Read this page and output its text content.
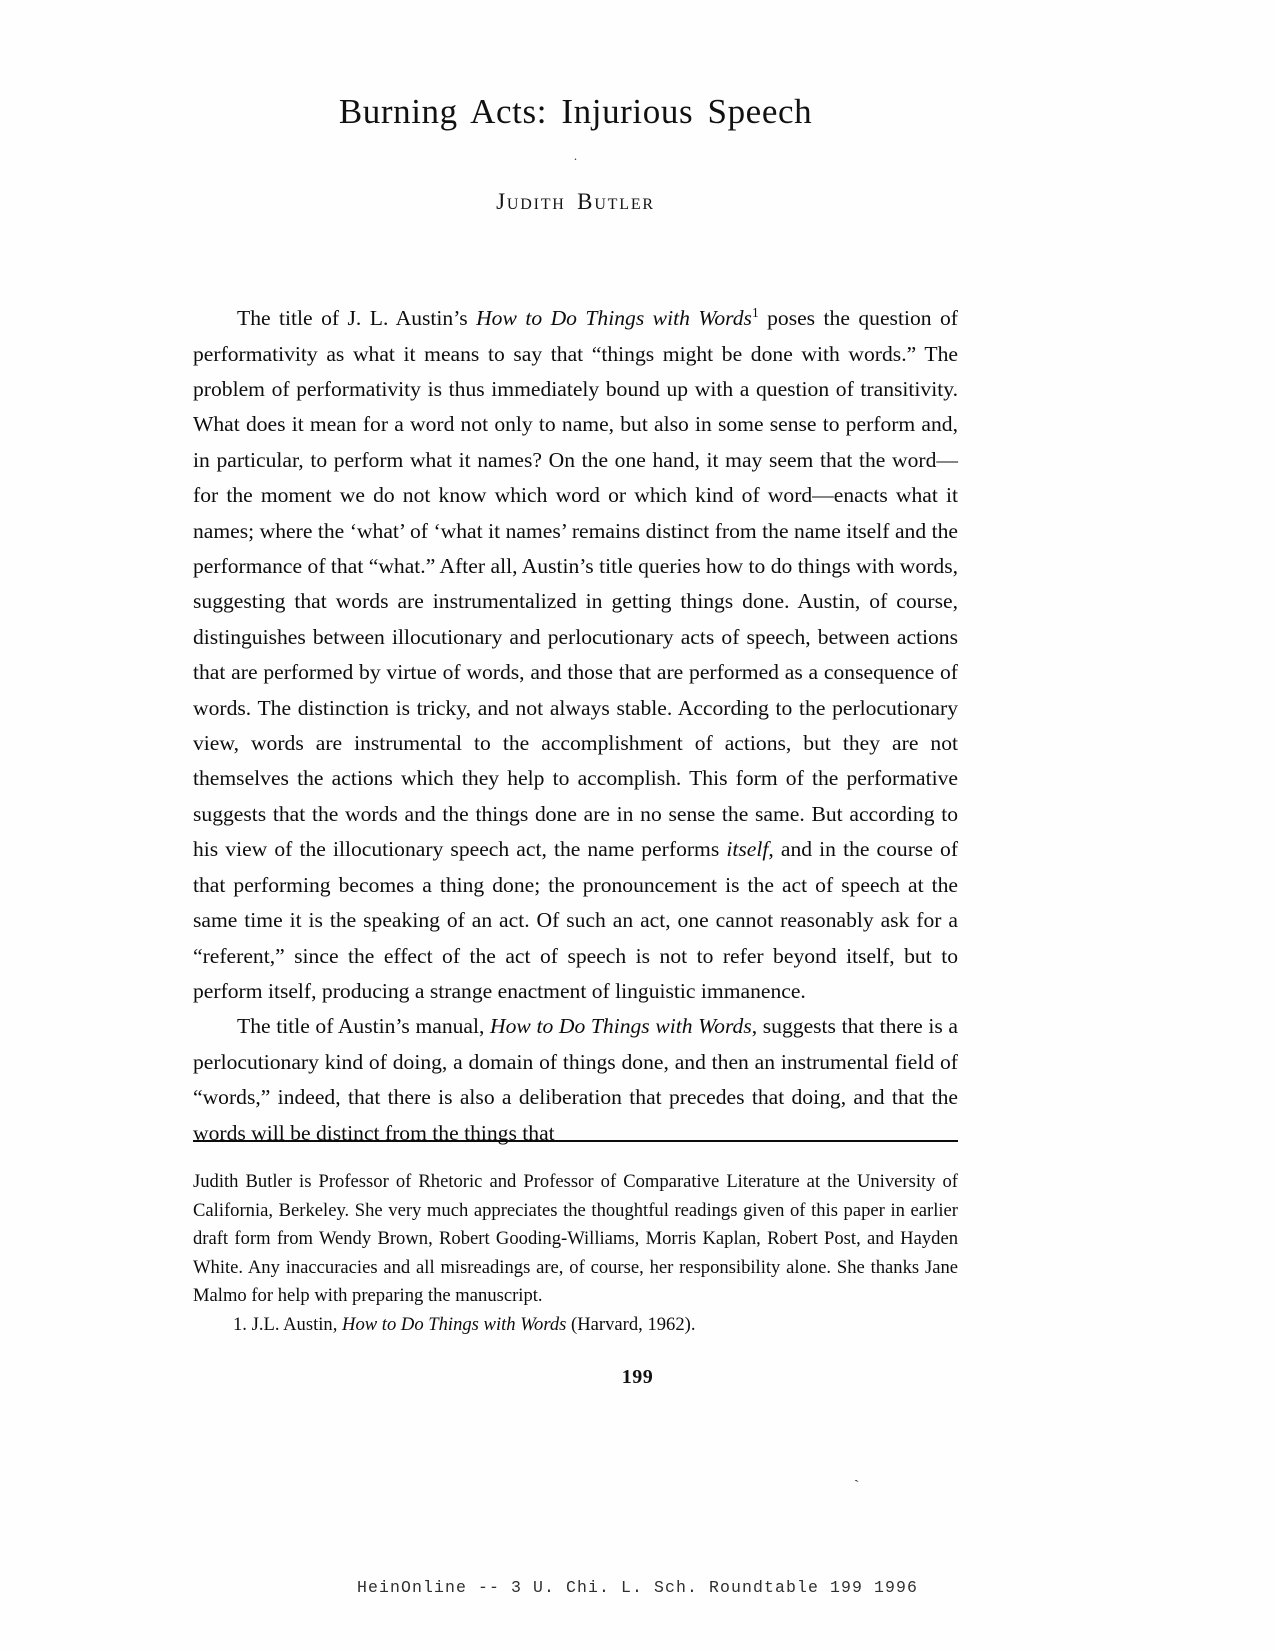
Burning Acts: Injurious Speech
.

Judith Butler

The title of J. L. Austin’s How to Do Things with Words$^1$ poses the question of performativity as what it means to say that “things might be done with words.” The problem of performativity is thus immediately bound up with a question of transitivity. What does it mean for a word not only to name, but also in some sense to perform and, in particular, to perform what it names? On the one hand, it may seem that the word—for the moment we do not know which word or which kind of word—enacts what it names; where the ‘what’ of ‘what it names’ remains distinct from the name itself and the performance of that “what.” After all, Austin’s title queries how to do things with words, suggesting that words are instrumentalized in getting things done. Austin, of course, distinguishes between illocutionary and perlocutionary acts of speech, between actions that are performed by virtue of words, and those that are performed as a consequence of words. The distinction is tricky, and not always stable. According to the perlocutionary view, words are instrumental to the accomplishment of actions, but they are not themselves the actions which they help to accomplish. This form of the performative suggests that the words and the things done are in no sense the same. But according to his view of the illocutionary speech act, the name performs itself, and in the course of that performing becomes a thing done; the pronouncement is the act of speech at the same time it is the speaking of an act. Of such an act, one cannot reasonably ask for a “referent,” since the effect of the act of speech is not to refer beyond itself, but to perform itself, producing a strange enactment of linguistic immanence.

The title of Austin’s manual, How to Do Things with Words, suggests that there is a perlocutionary kind of doing, a domain of things done, and then an instrumental field of “words,” indeed, that there is also a deliberation that precedes that doing, and that the words will be distinct from the things that

Judith Butler is Professor of Rhetoric and Professor of Comparative Literature at the University of California, Berkeley. She very much appreciates the thoughtful readings given of this paper in earlier draft form from Wendy Brown, Robert Gooding-Williams, Morris Kaplan, Robert Post, and Hayden White. Any inaccuracies and all misreadings are, of course, her responsibility alone. She thanks Jane Malmo for help with preparing the manuscript.

1. J.L. Austin, How to Do Things with Words (Harvard, 1962).

199
ˋ
HeinOnline -- 3 U. Chi. L. Sch. Roundtable 199 1996
